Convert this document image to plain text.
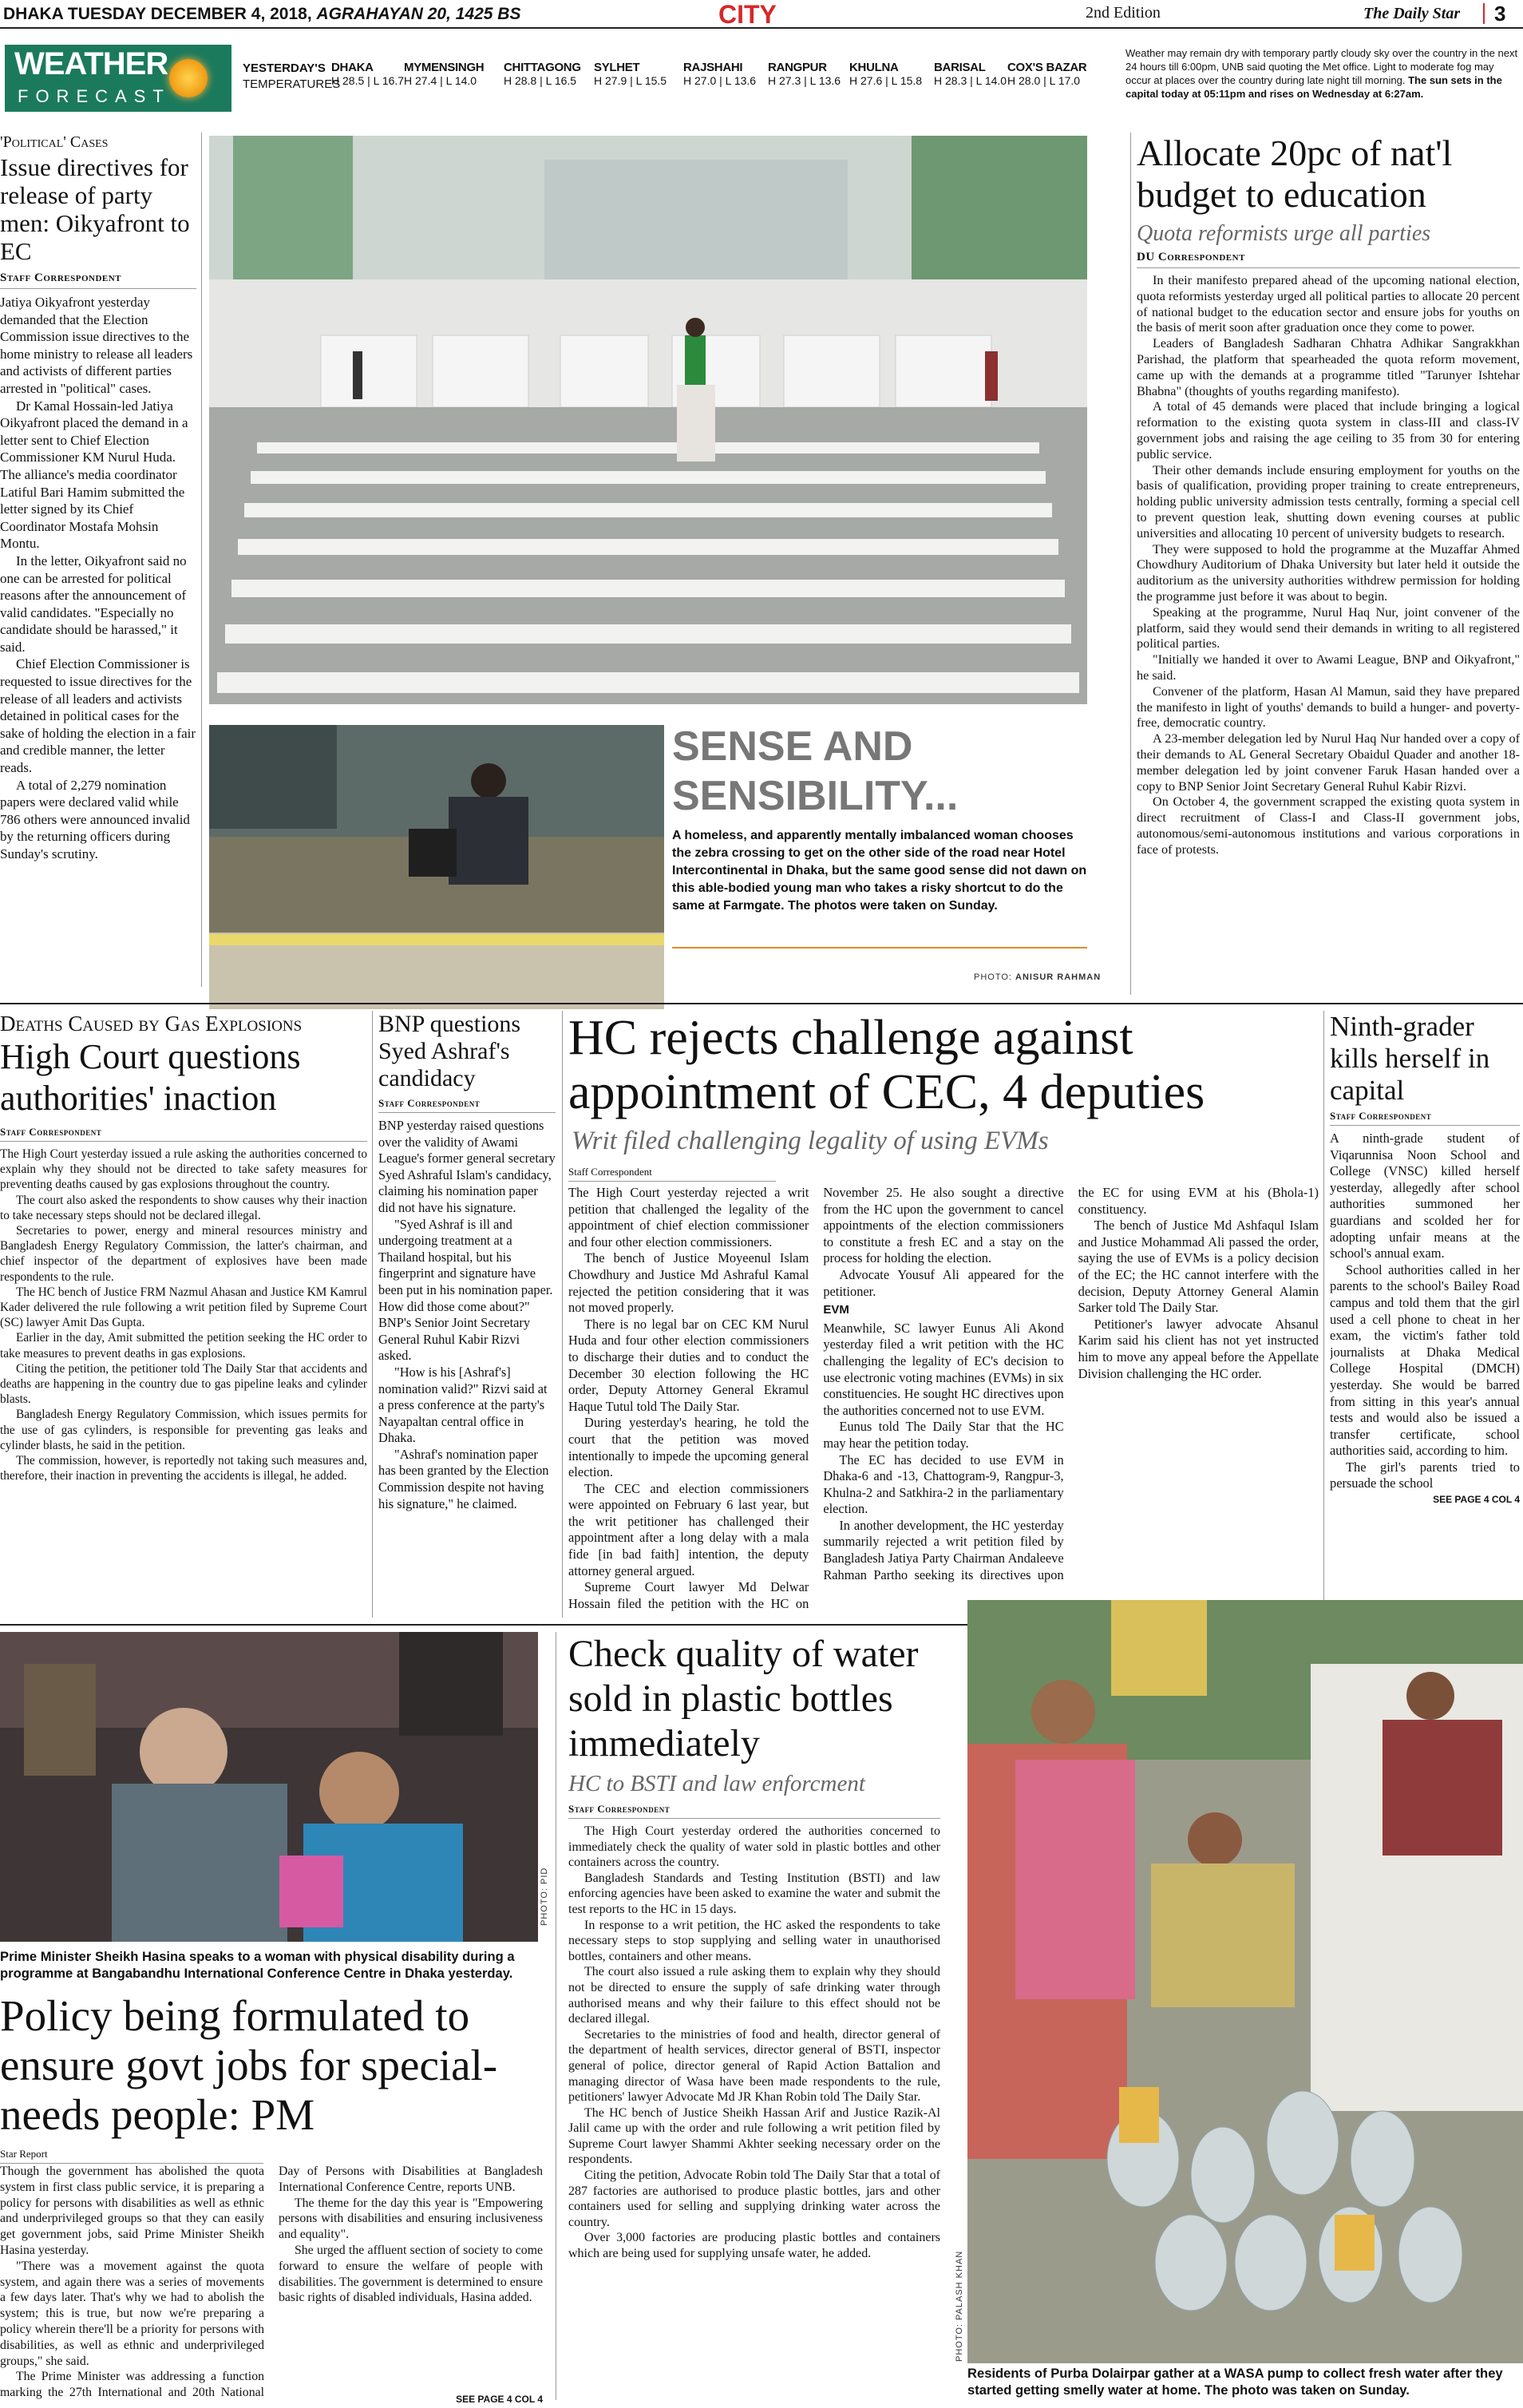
DHAKA TUESDAY DECEMBER 4, 2018, AGRAHAYAN 20, 1425 BS	CITY	2nd Edition	The Daily Star 3
WEATHER
FORECAST
YESTERDAY'S
TEMPERATURES
Weather may remain dry with temporary partly cloudy sky over the country in the next 24 hours till 6:00pm, UNB said quoting the Met office. Light to moderate fog may occur at places over the country during late night till morning. The sun sets in the capital today at 05:11pm and rises on Wednesday at 6:27am.
DHAKA
H 28.5 | L 16.7
MYMENSINGH
H 27.4 | L 14.0
CHITTAGONG
H 28.8 | L 16.5
SYLHET
H 27.9 | L 15.5
RAJSHAHI
H 27.0 | L 13.6
RANGPUR
H 27.3 | L 13.6
KHULNA
H 27.6 | L 15.8
BARISAL
H 28.3 | L 14.0
COX'S BAZAR
H 28.0 | L 17.0
'Political' Cases
Issue directives for release of party men: Oikyafront to EC
Staff Correspondent

Jatiya Oikyafront yesterday demanded that the Election Commission issue directives to the home ministry to release all leaders and activists of different parties arrested in "political" cases.

Dr Kamal Hossain-led Jatiya Oikyafront placed the demand in a letter sent to Chief Election Commissioner KM Nurul Huda. The alliance's media coordinator Latiful Bari Hamim submitted the letter signed by its Chief Coordinator Mostafa Mohsin Montu.

In the letter, Oikyafront said no one can be arrested for political reasons after the announcement of valid candidates. "Especially no candidate should be harassed," it said.

Chief Election Commissioner is requested to issue directives for the release of all leaders and activists detained in political cases for the sake of holding the election in a fair and credible manner, the letter reads.

A total of 2,279 nomination papers were declared valid while 786 others were announced invalid by the returning officers during Sunday's scrutiny.

SENSE AND SENSIBILITY...
A homeless, and apparently mentally imbalanced woman chooses the zebra crossing to get on the other side of the road near Hotel Intercontinental in Dhaka, but the same good sense did not dawn on this able-bodied young man who takes a risky shortcut to do the same at Farmgate. The photos were taken on Sunday.
PHOTO: ANISUR RAHMAN
Allocate 20pc of nat'l budget to education
Quota reformists urge all parties
DU Correspondent

In their manifesto prepared ahead of the upcoming national election, quota reformists yesterday urged all political parties to allocate 20 percent of national budget to the education sector and ensure jobs for youths on the basis of merit soon after graduation once they come to power.

Leaders of Bangladesh Sadharan Chhatra Adhikar Sangrakkhan Parishad, the platform that spearheaded the quota reform movement, came up with the demands at a programme titled "Tarunyer Ishtehar Bhabna" (thoughts of youths regarding manifesto).

A total of 45 demands were placed that include bringing a logical reformation to the existing quota system in class-III and class-IV government jobs and raising the age ceiling to 35 from 30 for entering public service.

Their other demands include ensuring employment for youths on the basis of qualification, providing proper training to create entrepreneurs, holding public university admission tests centrally, forming a special cell to prevent question leak, shutting down evening courses at public universities and allocating 10 percent of university budgets to research.

They were supposed to hold the programme at the Muzaffar Ahmed Chowdhury Auditorium of Dhaka University but later held it outside the auditorium as the university authorities withdrew permission for holding the programme just before it was about to begin.

Speaking at the programme, Nurul Haq Nur, joint convener of the platform, said they would send their demands in writing to all registered political parties.

"Initially we handed it over to Awami League, BNP and Oikyafront," he said.

Convener of the platform, Hasan Al Mamun, said they have prepared the manifesto in light of youths' demands to build a hunger- and poverty-free, democratic country.

A 23-member delegation led by Nurul Haq Nur handed over a copy of their demands to AL General Secretary Obaidul Quader and another 18-member delegation led by joint convener Faruk Hasan handed over a copy to BNP Senior Joint Secretary General Ruhul Kabir Rizvi.

On October 4, the government scrapped the existing quota system in direct recruitment of Class-I and Class-II government jobs, autonomous/semi-autonomous institutions and various corporations in face of protests.

Deaths Caused by Gas Explosions
High Court questions authorities' inaction
Staff Correspondent

The High Court yesterday issued a rule asking the authorities concerned to explain why they should not be directed to take safety measures for preventing deaths caused by gas explosions throughout the country.

The court also asked the respondents to show causes why their inaction to take necessary steps should not be declared illegal.

Secretaries to power, energy and mineral resources ministry and Bangladesh Energy Regulatory Commission, the latter's chairman, and chief inspector of the department of explosives have been made respondents to the rule.

The HC bench of Justice FRM Nazmul Ahasan and Justice KM Kamrul Kader delivered the rule following a writ petition filed by Supreme Court (SC) lawyer Amit Das Gupta.

Earlier in the day, Amit submitted the petition seeking the HC order to take measures to prevent deaths in gas explosions.

Citing the petition, the petitioner told The Daily Star that accidents and deaths are happening in the country due to gas pipeline leaks and cylinder blasts.

Bangladesh Energy Regulatory Commission, which issues permits for the use of gas cylinders, is responsible for preventing gas leaks and cylinder blasts, he said in the petition.

The commission, however, is reportedly not taking such measures and, therefore, their inaction in preventing the accidents is illegal, he added.

BNP questions Syed Ashraf's candidacy
Staff Correspondent

BNP yesterday raised questions over the validity of Awami League's former general secretary Syed Ashraful Islam's candidacy, claiming his nomination paper did not have his signature.

"Syed Ashraf is ill and undergoing treatment at a Thailand hospital, but his fingerprint and signature have been put in his nomination paper. How did those come about?" BNP's Senior Joint Secretary General Ruhul Kabir Rizvi asked.

"How is his [Ashraf's] nomination valid?" Rizvi said at a press conference at the party's Nayapaltan central office in Dhaka.

"Ashraf's nomination paper has been granted by the Election Commission despite not having his signature," he claimed.

HC rejects challenge against appointment of CEC, 4 deputies
Writ filed challenging legality of using EVMs
Staff Correspondent

The High Court yesterday rejected a writ petition that challenged the legality of the appointment of chief election commissioner and four other election commissioners.

The bench of Justice Moyeenul Islam Chowdhury and Justice Md Ashraful Kamal rejected the petition considering that it was not moved properly.

There is no legal bar on CEC KM Nurul Huda and four other election commissioners to discharge their duties and to conduct the December 30 election following the HC order, Deputy Attorney General Ekramul Haque Tutul told The Daily Star.

During yesterday's hearing, he told the court that the petition was moved intentionally to impede the upcoming general election.

The CEC and election commissioners were appointed on February 6 last year, but the writ petitioner has challenged their appointment after a long delay with a mala fide [in bad faith] intention, the deputy attorney general argued.

Supreme Court lawyer Md Delwar Hossain filed the petition with the HC on November 25. He also sought a directive from the HC upon the government to cancel appointments of the election commissioners to constitute a fresh EC and a stay on the process for holding the election.

Advocate Yousuf Ali appeared for the petitioner.

EVM

Meanwhile, SC lawyer Eunus Ali Akond yesterday filed a writ petition with the HC challenging the legality of EC's decision to use electronic voting machines (EVMs) in six constituencies. He sought HC directives upon the authorities concerned not to use EVM.

Eunus told The Daily Star that the HC may hear the petition today.

The EC has decided to use EVM in Dhaka-6 and -13, Chattogram-9, Rangpur-3, Khulna-2 and Satkhira-2 in the parliamentary election.

In another development, the HC yesterday summarily rejected a writ petition filed by Bangladesh Jatiya Party Chairman Andaleeve Rahman Partho seeking its directives upon the EC for using EVM at his (Bhola-1) constituency.

The bench of Justice Md Ashfaqul Islam and Justice Mohammad Ali passed the order, saying the use of EVMs is a policy decision of the EC; the HC cannot interfere with the decision, Deputy Attorney General Alamin Sarker told The Daily Star.

Petitioner's lawyer advocate Ahsanul Karim said his client has not yet instructed him to move any appeal before the Appellate Division challenging the HC order.

Ninth-grader kills herself in capital
Staff Correspondent

A ninth-grade student of Viqarunnisa Noon School and College (VNSC) killed herself yesterday, allegedly after school authorities summoned her guardians and scolded her for adopting unfair means at the school's annual exam.

School authorities called in her parents to the school's Bailey Road campus and told them that the girl used a cell phone to cheat in her exam, the victim's father told journalists at Dhaka Medical College Hospital (DMCH) yesterday. She would be barred from sitting in this year's annual tests and would also be issued a transfer certificate, school authorities said, according to him.

The girl's parents tried to persuade the school

SEE PAGE 4 COL 4
PHOTO: PID
Prime Minister Sheikh Hasina speaks to a woman with physical disability during a programme at Bangabandhu International Conference Centre in Dhaka yesterday.
Policy being formulated to ensure govt jobs for special-needs people: PM
Star Report

Though the government has abolished the quota system in first class public service, it is preparing a policy for persons with disabilities as well as ethnic and underprivileged groups so that they can easily get government jobs, said Prime Minister Sheikh Hasina yesterday.

"There was a movement against the quota system, and again there was a series of movements a few days later. That's why we had to abolish the system; this is true, but now we're preparing a policy wherein there'll be a priority for persons with disabilities, as well as ethnic and underprivileged groups," she said.

The Prime Minister was addressing a function marking the 27th International and 20th National Day of Persons with Disabilities at Bangladesh International Conference Centre, reports UNB.

The theme for the day this year is "Empowering persons with disabilities and ensuring inclusiveness and equality".

She urged the affluent section of society to come forward to ensure the welfare of people with disabilities. The government is determined to ensure basic rights of disabled individuals, Hasina added.

SEE PAGE 4 COL 4
Check quality of water sold in plastic bottles immediately
HC to BSTI and law enforcment
Staff Correspondent

The High Court yesterday ordered the authorities concerned to immediately check the quality of water sold in plastic bottles and other containers across the country.

Bangladesh Standards and Testing Institution (BSTI) and law enforcing agencies have been asked to examine the water and submit the test reports to the HC in 15 days.

In response to a writ petition, the HC asked the respondents to take necessary steps to stop supplying and selling water in unauthorised bottles, containers and other means.

The court also issued a rule asking them to explain why they should not be directed to ensure the supply of safe drinking water through authorised means and why their failure to this effect should not be declared illegal.

Secretaries to the ministries of food and health, director general of the department of health services, director general of BSTI, inspector general of police, director general of Rapid Action Battalion and managing director of Wasa have been made respondents to the rule, petitioners' lawyer Advocate Md JR Khan Robin told The Daily Star.

The HC bench of Justice Sheikh Hassan Arif and Justice Razik-Al Jalil came up with the order and rule following a writ petition filed by Supreme Court lawyer Shammi Akhter seeking necessary order on the respondents.

Citing the petition, Advocate Robin told The Daily Star that a total of 287 factories are authorised to produce plastic bottles, jars and other containers used for selling and supplying drinking water across the country.

Over 3,000 factories are producing plastic bottles and containers which are being used for supplying unsafe water, he added.	PHOTO: PALASH KHAN
Residents of Purba Dolairpar gather at a WASA pump to collect fresh water after they started getting smelly water at home. The photo was taken on Sunday.
